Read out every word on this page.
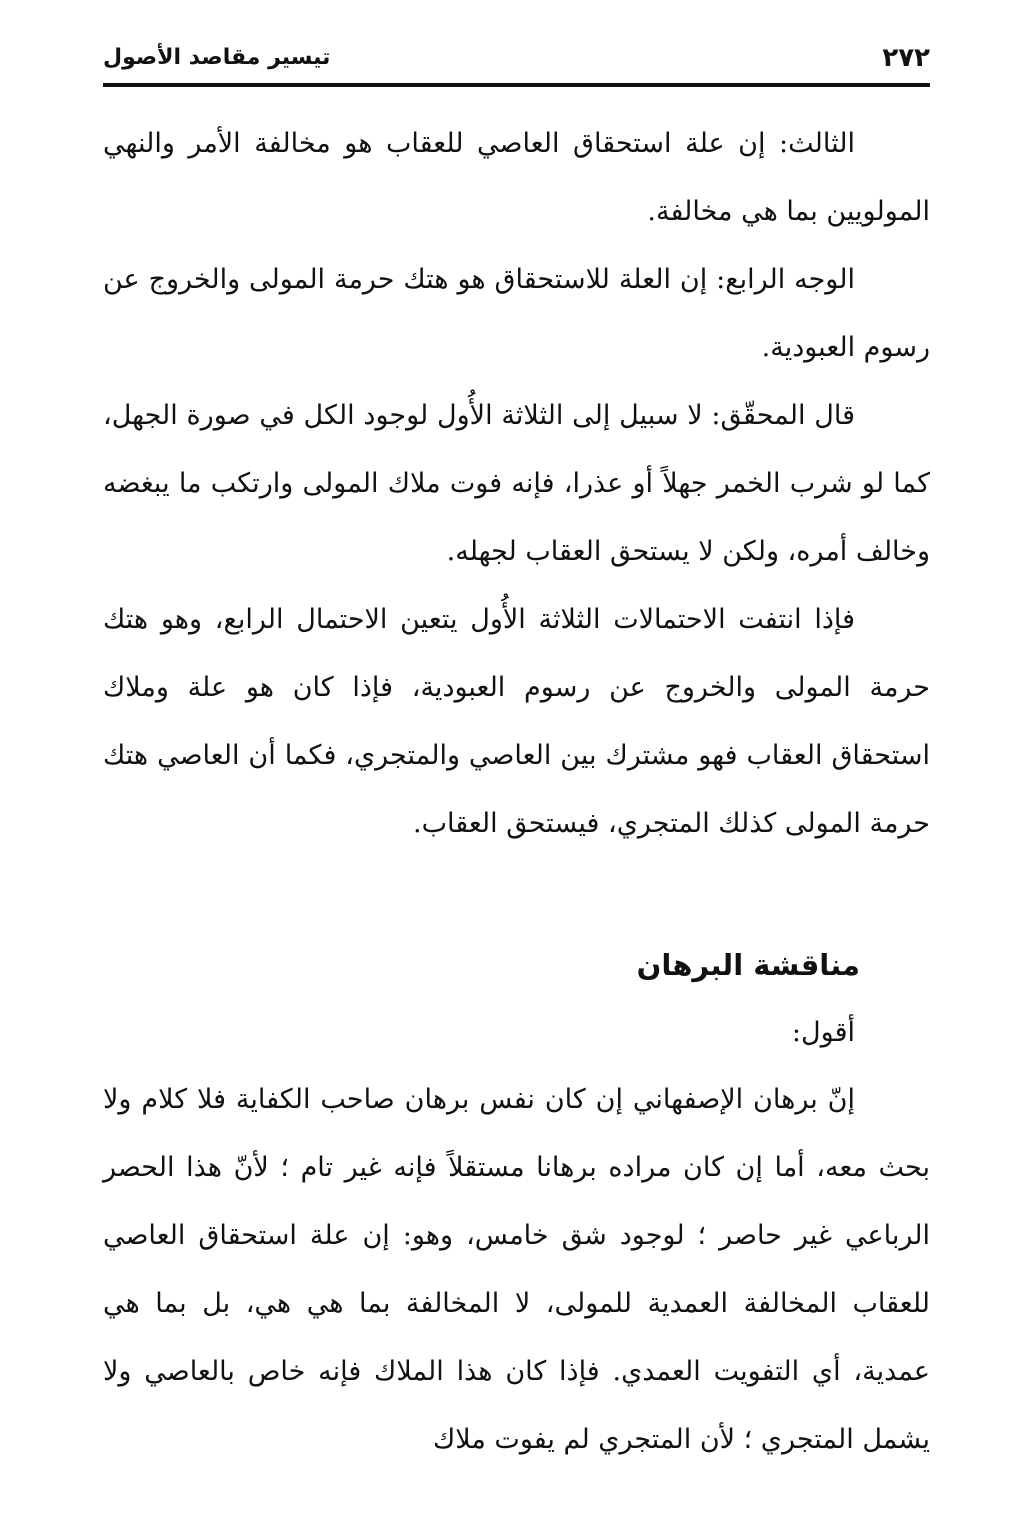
٢٧٢
تيسير مقاصد الأصول

الثالث: إن علة استحقاق العاصي للعقاب هو مخالفة الأمر والنهي المولويين بما هي مخالفة.

الوجه الرابع: إن العلة للاستحقاق هو هتك حرمة المولى والخروج عن رسوم العبودية.

قال المحقّق: لا سبيل إلى الثلاثة الأُول لوجود الكل في صورة الجهل، كما لو شرب الخمر جهلاً أو عذرا، فإنه فوت ملاك المولى وارتكب ما يبغضه وخالف أمره، ولكن لا يستحق العقاب لجهله.

فإذا انتفت الاحتمالات الثلاثة الأُول يتعين الاحتمال الرابع، وهو هتك حرمة المولى والخروج عن رسوم العبودية، فإذا كان هو علة وملاك استحقاق العقاب فهو مشترك بين العاصي والمتجري، فكما أن العاصي هتك حرمة المولى كذلك المتجري، فيستحق العقاب.

مناقشة البرهان

أقول:

إنّ برهان الإصفهاني إن كان نفس برهان صاحب الكفاية فلا كلام ولا بحث معه، أما إن كان مراده برهانا مستقلاً فإنه غير تام ؛ لأنّ هذا الحصر الرباعي غير حاصر ؛ لوجود شق خامس، وهو: إن علة استحقاق العاصي للعقاب المخالفة العمدية للمولى، لا المخالفة بما هي هي، بل بما هي عمدية، أي التفويت العمدي. فإذا كان هذا الملاك فإنه خاص بالعاصي ولا يشمل المتجري ؛ لأن المتجري لم يفوت ملاك
